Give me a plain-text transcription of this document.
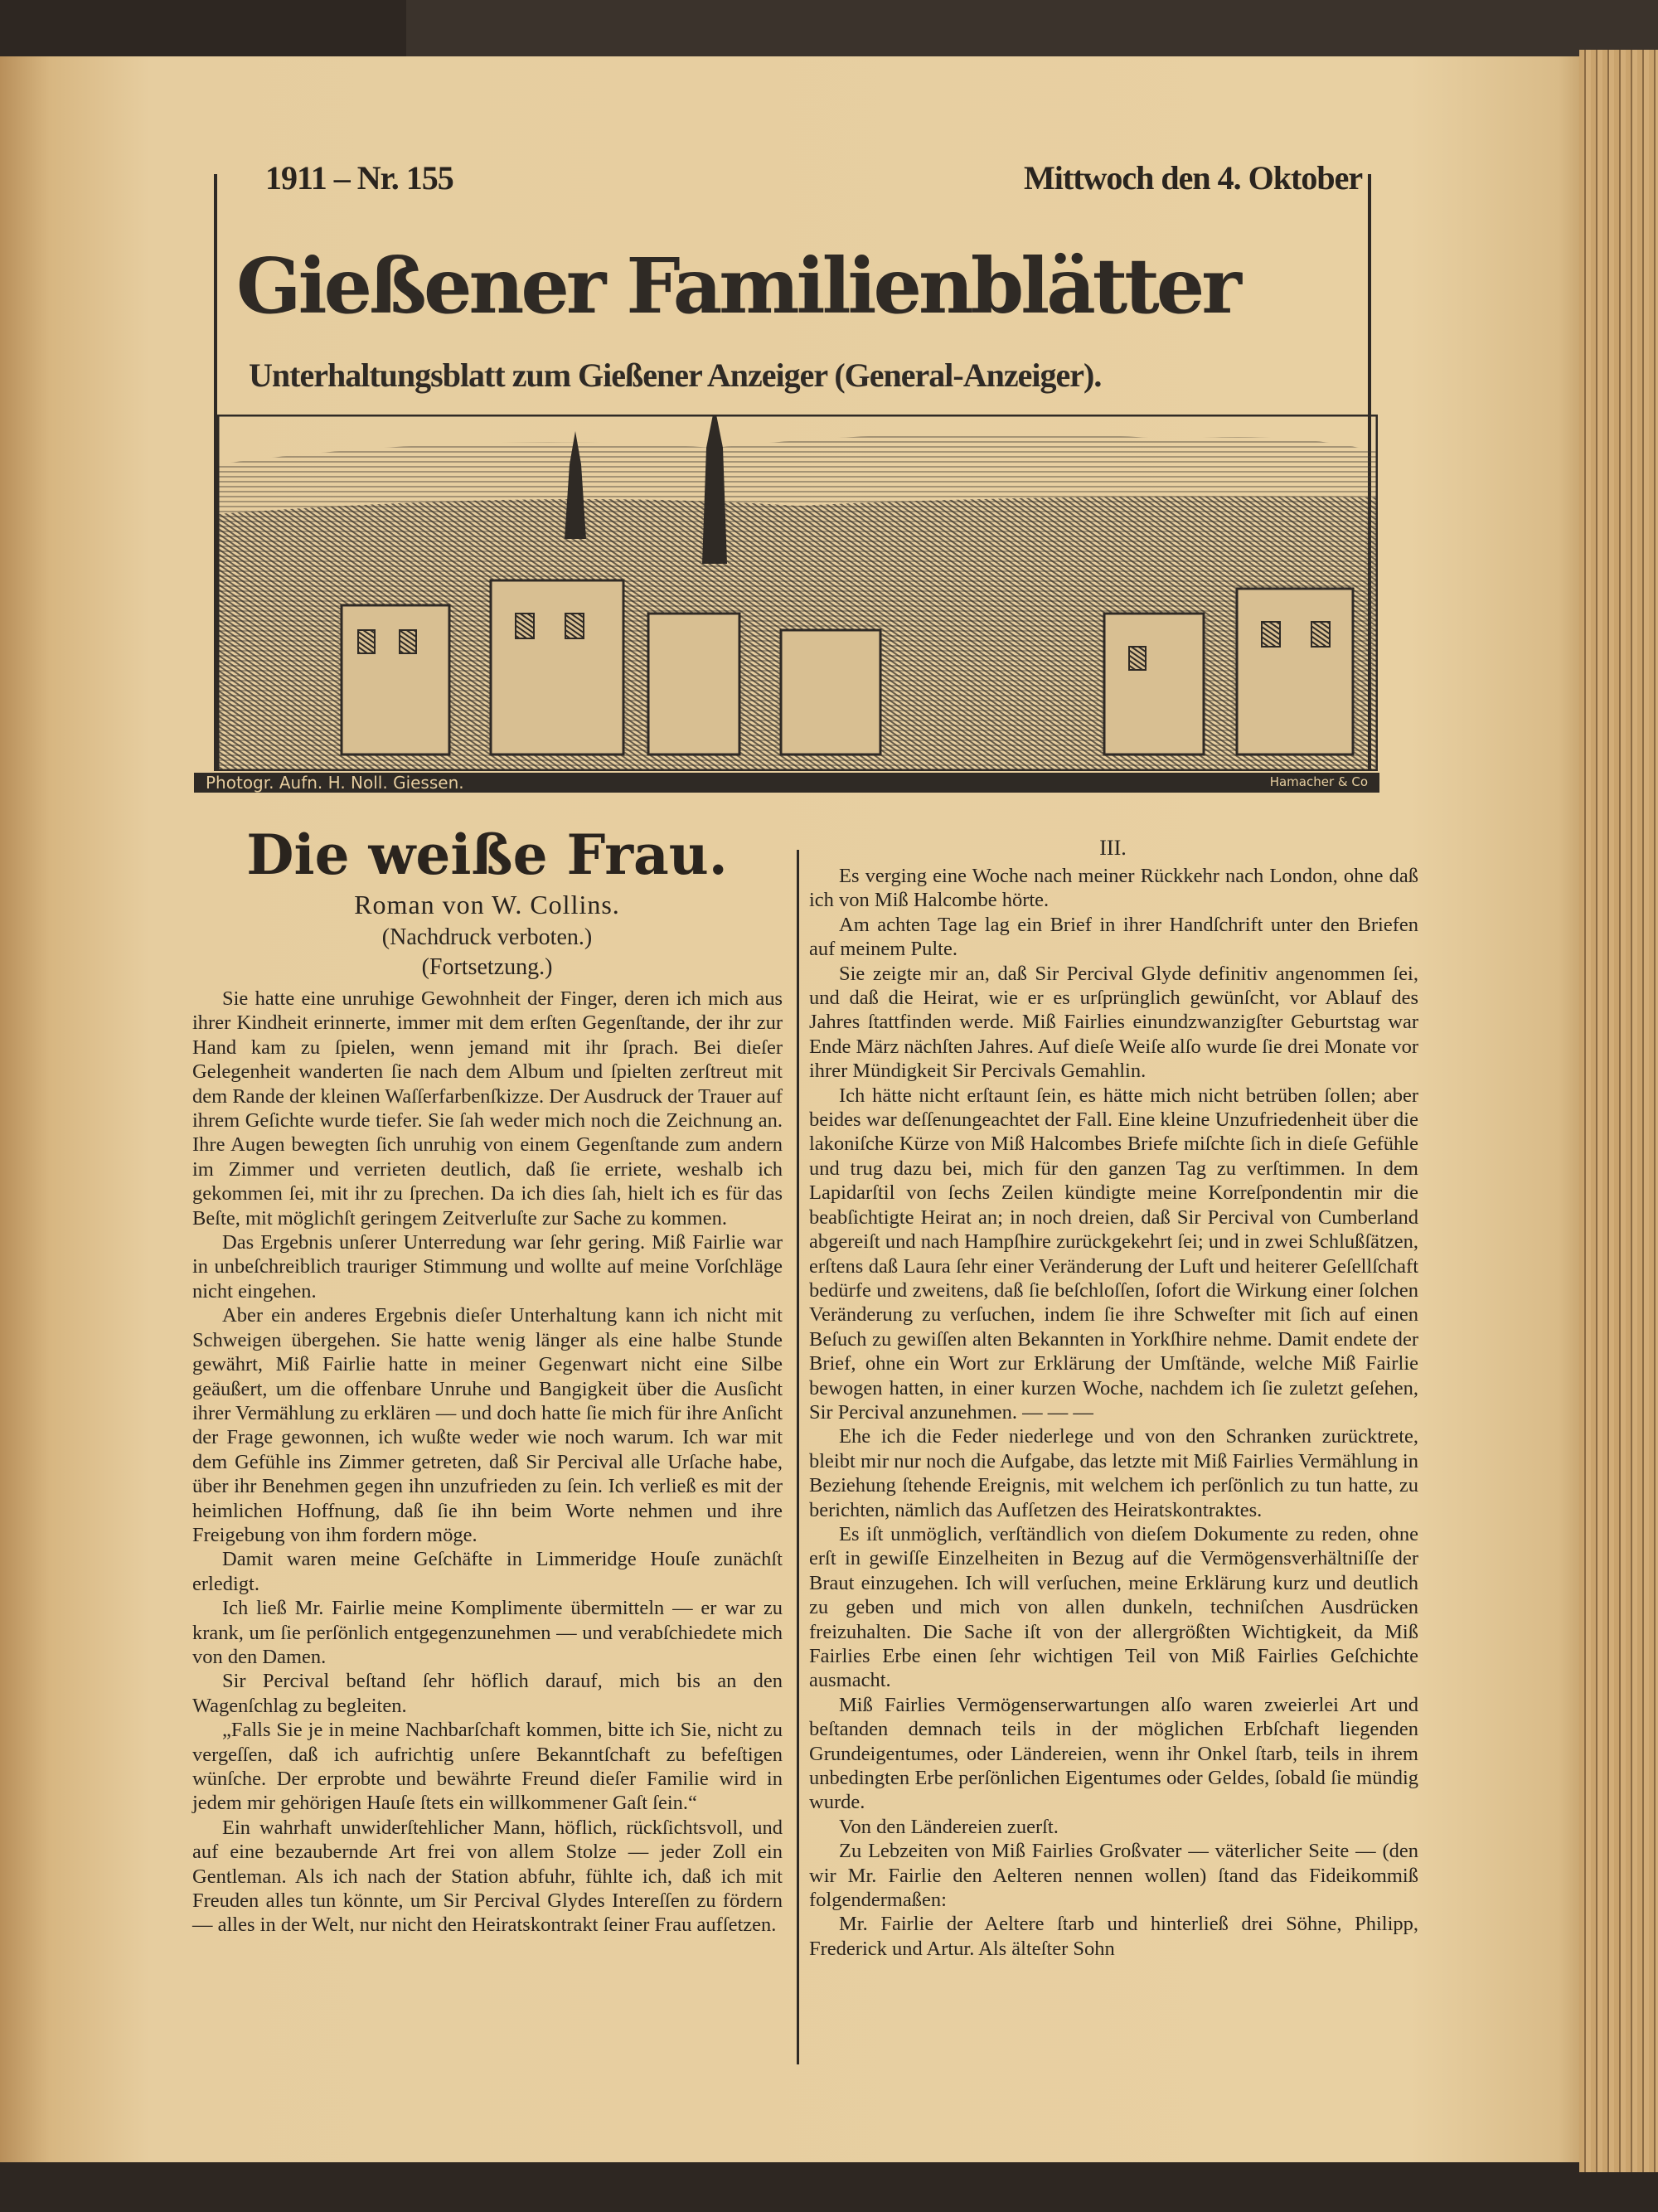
1911 – Nr. 155	Mittwoch den 4. Oktober
Gießener Familienblätter
Unterhaltungsblatt zum Gießener Anzeiger (General-Anzeiger).
Photogr. Aufn. H. Noll. Giessen.	Hamacher & Co
Die weiße Frau.
Roman von W. Collins.
(Nachdruck verboten.)
(Fortsetzung.)

Sie hatte eine unruhige Gewohnheit der Finger, deren ich mich aus ihrer Kindheit erinnerte, immer mit dem erſten Gegenſtande, der ihr zur Hand kam zu ſpielen, wenn jemand mit ihr ſprach. Bei dieſer Gelegenheit wanderten ſie nach dem Album und ſpielten zerſtreut mit dem Rande der kleinen Waſſerfarbenſkizze. Der Ausdruck der Trauer auf ihrem Geſichte wurde tiefer. Sie ſah weder mich noch die Zeichnung an. Ihre Augen bewegten ſich unruhig von einem Gegenſtande zum andern im Zimmer und verrieten deutlich, daß ſie erriete, weshalb ich gekommen ſei, mit ihr zu ſprechen. Da ich dies ſah, hielt ich es für das Beſte, mit möglichſt geringem Zeitverluſte zur Sache zu kommen.

Das Ergebnis unſerer Unterredung war ſehr gering. Miß Fairlie war in unbeſchreiblich trauriger Stimmung und wollte auf meine Vorſchläge nicht eingehen.

Aber ein anderes Ergebnis dieſer Unterhaltung kann ich nicht mit Schweigen übergehen. Sie hatte wenig länger als eine halbe Stunde gewährt, Miß Fairlie hatte in meiner Gegenwart nicht eine Silbe geäußert, um die offenbare Unruhe und Bangigkeit über die Ausſicht ihrer Vermählung zu erklären — und doch hatte ſie mich für ihre Anſicht der Frage gewonnen, ich wußte weder wie noch warum. Ich war mit dem Gefühle ins Zimmer getreten, daß Sir Percival alle Urſache habe, über ihr Benehmen gegen ihn unzufrieden zu ſein. Ich verließ es mit der heimlichen Hoffnung, daß ſie ihn beim Worte nehmen und ihre Freigebung von ihm fordern möge.

Damit waren meine Geſchäfte in Limmeridge Houſe zunächſt erledigt.

Ich ließ Mr. Fairlie meine Komplimente übermitteln — er war zu krank, um ſie perſönlich entgegenzunehmen — und verabſchiedete mich von den Damen.

Sir Percival beſtand ſehr höflich darauf, mich bis an den Wagenſchlag zu begleiten.

„Falls Sie je in meine Nachbarſchaft kommen, bitte ich Sie, nicht zu vergeſſen, daß ich aufrichtig unſere Bekanntſchaft zu befeſtigen wünſche. Der erprobte und bewährte Freund dieſer Familie wird in jedem mir gehörigen Hauſe ſtets ein willkommener Gaſt ſein.“

Ein wahrhaft unwiderſtehlicher Mann, höflich, rückſichtsvoll, und auf eine bezaubernde Art frei von allem Stolze — jeder Zoll ein Gentleman. Als ich nach der Station abfuhr, fühlte ich, daß ich mit Freuden alles tun könnte, um Sir Percival Glydes Intereſſen zu fördern — alles in der Welt, nur nicht den Heiratskontrakt ſeiner Frau aufſetzen.

III.

Es verging eine Woche nach meiner Rückkehr nach London, ohne daß ich von Miß Halcombe hörte.

Am achten Tage lag ein Brief in ihrer Handſchrift unter den Briefen auf meinem Pulte.

Sie zeigte mir an, daß Sir Percival Glyde definitiv angenommen ſei, und daß die Heirat, wie er es urſprünglich gewünſcht, vor Ablauf des Jahres ſtattfinden werde. Miß Fairlies einundzwanzigſter Geburtstag war Ende März nächſten Jahres. Auf dieſe Weiſe alſo wurde ſie drei Monate vor ihrer Mündigkeit Sir Percivals Gemahlin.

Ich hätte nicht erſtaunt ſein, es hätte mich nicht betrüben ſollen; aber beides war deſſenungeachtet der Fall. Eine kleine Unzufriedenheit über die lakoniſche Kürze von Miß Halcombes Briefe miſchte ſich in dieſe Gefühle und trug dazu bei, mich für den ganzen Tag zu verſtimmen. In dem Lapidarſtil von ſechs Zeilen kündigte meine Korreſpondentin mir die beabſichtigte Heirat an; in noch dreien, daß Sir Percival von Cumberland abgereiſt und nach Hampſhire zurückgekehrt ſei; und in zwei Schlußſätzen, erſtens daß Laura ſehr einer Veränderung der Luft und heiterer Geſellſchaft bedürfe und zweitens, daß ſie beſchloſſen, ſofort die Wirkung einer ſolchen Veränderung zu verſuchen, indem ſie ihre Schweſter mit ſich auf einen Beſuch zu gewiſſen alten Bekannten in Yorkſhire nehme. Damit endete der Brief, ohne ein Wort zur Erklärung der Umſtände, welche Miß Fairlie bewogen hatten, in einer kurzen Woche, nachdem ich ſie zuletzt geſehen, Sir Percival anzunehmen. — — —

Ehe ich die Feder niederlege und von den Schranken zurücktrete, bleibt mir nur noch die Aufgabe, das letzte mit Miß Fairlies Vermählung in Beziehung ſtehende Ereignis, mit welchem ich perſönlich zu tun hatte, zu berichten, nämlich das Aufſetzen des Heiratskontraktes.

Es iſt unmöglich, verſtändlich von dieſem Dokumente zu reden, ohne erſt in gewiſſe Einzelheiten in Bezug auf die Vermögensverhältniſſe der Braut einzugehen. Ich will verſuchen, meine Erklärung kurz und deutlich zu geben und mich von allen dunkeln, techniſchen Ausdrücken freizuhalten. Die Sache iſt von der allergrößten Wichtigkeit, da Miß Fairlies Erbe einen ſehr wichtigen Teil von Miß Fairlies Geſchichte ausmacht.

Miß Fairlies Vermögenserwartungen alſo waren zweierlei Art und beſtanden demnach teils in der möglichen Erbſchaft liegenden Grundeigentumes, oder Ländereien, wenn ihr Onkel ſtarb, teils in ihrem unbedingten Erbe perſönlichen Eigentumes oder Geldes, ſobald ſie mündig wurde.

Von den Ländereien zuerſt.

Zu Lebzeiten von Miß Fairlies Großvater — väterlicher Seite — (den wir Mr. Fairlie den Aelteren nennen wollen) ſtand das Fideikommiß folgendermaßen:

Mr. Fairlie der Aeltere ſtarb und hinterließ drei Söhne, Philipp, Frederick und Artur. Als älteſter Sohn
